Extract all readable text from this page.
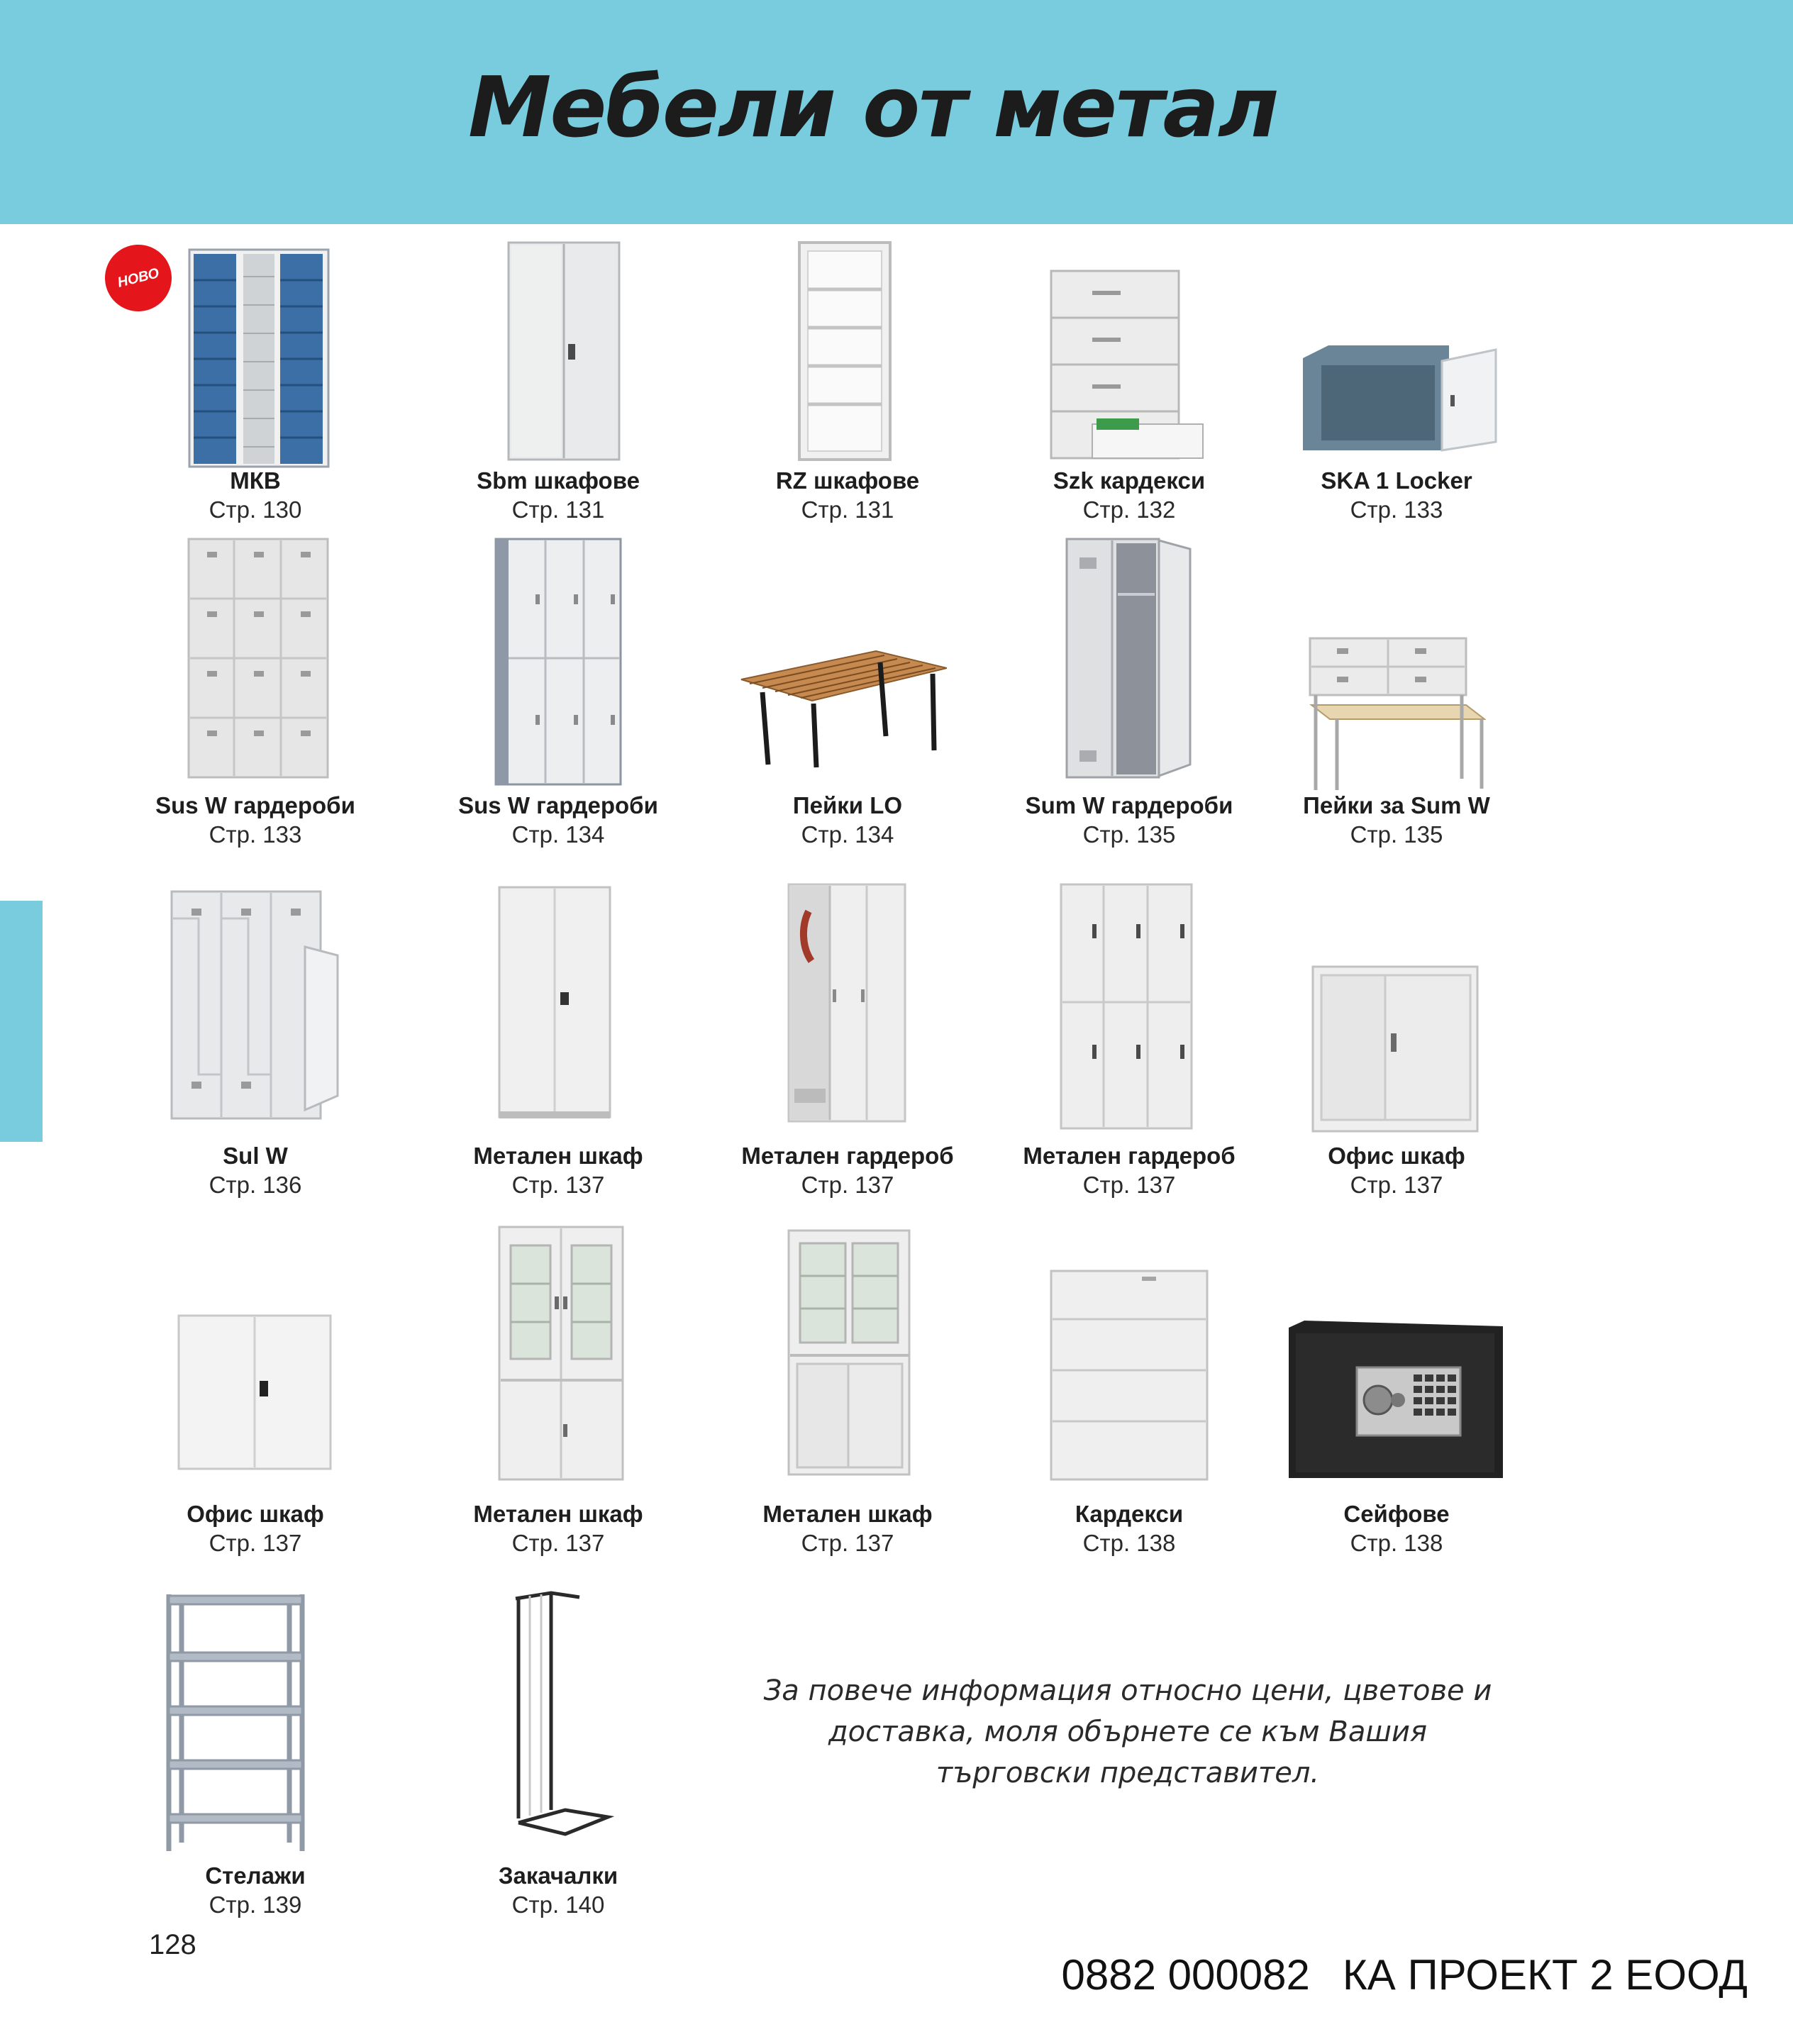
Мебели от метал
МКВ
Стр. 130
НОВО
Sbm шкафове
Стр. 131
RZ шкафове
Стр. 131
Szk кардекси
Стр. 132
SKA 1 Locker
Стр. 133
Sus W гардероби
Стр. 133
Sus W гардероби
Стр. 134
Пейки LO
Стр. 134
Sum W гардероби
Стр. 135
Пейки за Sum W
Стр. 135
Sul W
Стр. 136
Метален шкаф
Стр. 137
Метален гардероб
Стр. 137
Метален гардероб
Стр. 137
Офис шкаф
Стр. 137
Офис шкаф
Стр. 137
Метален шкаф
Стр. 137
Метален шкаф
Стр. 137
Кардекси
Стр. 138
Сейфове
Стр. 138
Стелажи
Стр. 139
Закачалки
Стр. 140
За повече информация относно цени, цветове и
доставка, моля обърнете се към Вашия
търговски представител.
128
0882 000082 КА ПРОЕКТ 2 ЕООД
